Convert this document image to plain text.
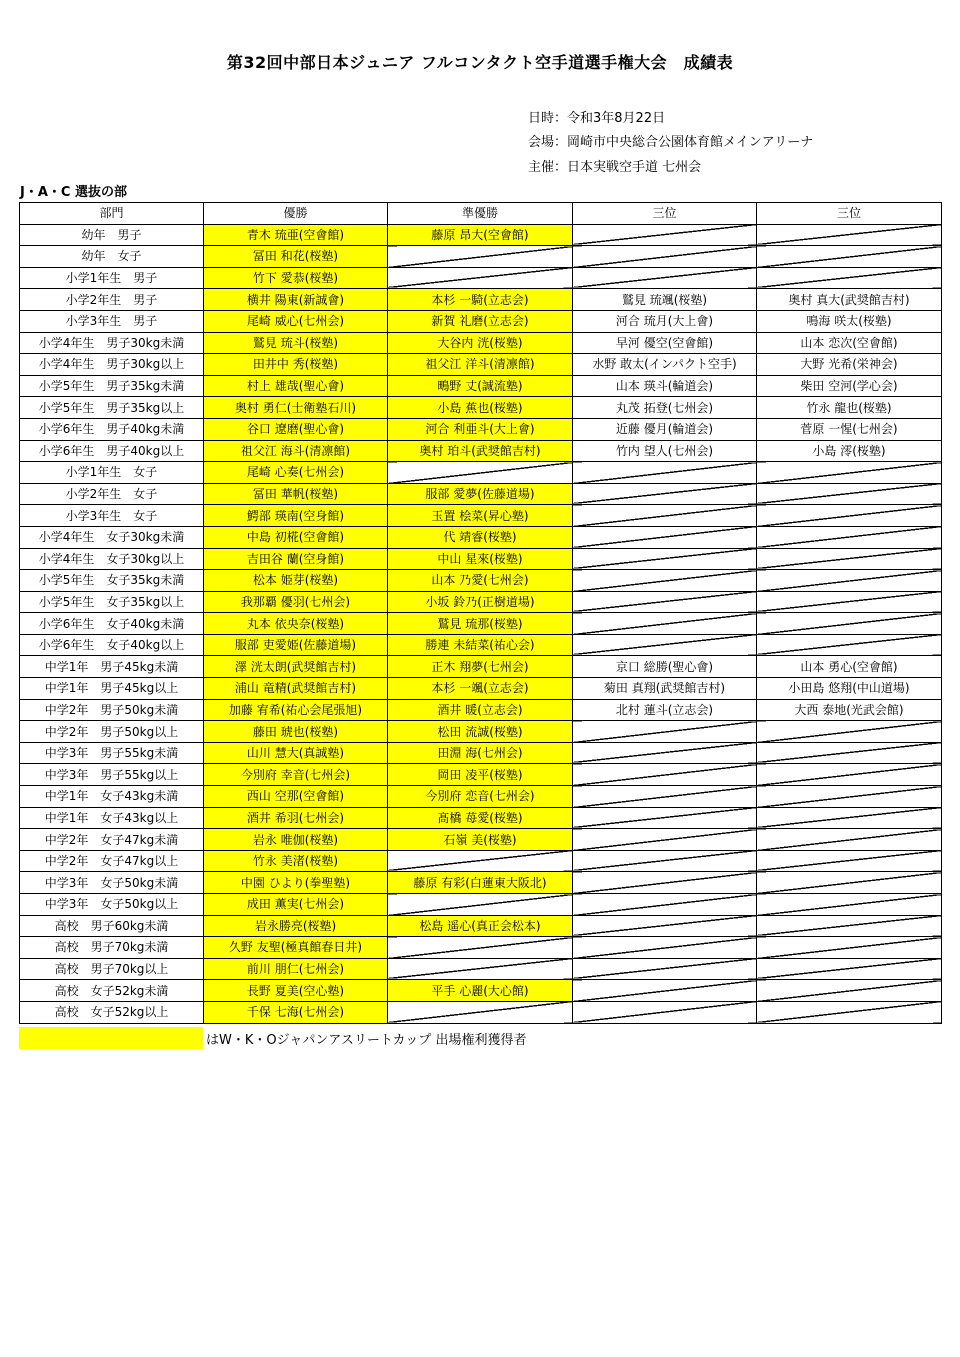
第32回中部日本ジュニア フルコンタクト空手道選手権大会　成績表
日時：令和3年8月22日
会場：岡崎市中央総合公園体育館メインアリーナ
主催：日本実戦空手道 七州会
J・A・C 選抜の部
部門	優勝	準優勝	三位	三位
幼年　男子	青木 琉亜(空會館)	藤原 昂大(空會館)		
幼年　女子	冨田 和花(桜塾)			
小学1年生　男子	竹下 愛恭(桜塾)			
小学2年生　男子	横井 陽東(新誠會)	本杉 一騎(立志会)	鷲見 琉颯(桜塾)	奥村 真大(武奨館吉村)
小学3年生　男子	尾崎 威心(七州会)	新賀 礼磨(立志会)	河合 琉月(大上會)	鳴海 咲太(桜塾)
小学4年生　男子30kg未満	鷲見 琉斗(桜塾)	大谷内 洸(桜塾)	早河 優空(空會館)	山本 恋次(空會館)
小学4年生　男子30kg以上	田井中 秀(桜塾)	祖父江 洋斗(清凛館)	水野 敢太(インパクト空手)	大野 光希(栄神会)
小学5年生　男子35kg未満	村上 雄哉(聖心會)	鴫野 丈(誠流塾)	山本 瑛斗(輪道会)	柴田 空河(学心会)
小学5年生　男子35kg以上	奥村 勇仁(士衛塾石川)	小島 蕉也(桜塾)	丸茂 拓登(七州会)	竹永 龍也(桜塾)
小学6年生　男子40kg未満	谷口 遼磨(聖心會)	河合 利亜斗(大上會)	近藤 優月(輪道会)	菅原 一惺(七州会)
小学6年生　男子40kg以上	祖父江 海斗(清凛館)	奥村 珀斗(武奨館吉村)	竹内 望人(七州会)	小島 澪(桜塾)
小学1年生　女子	尾崎 心奏(七州会)			
小学2年生　女子	冨田 華帆(桜塾)	服部 愛夢(佐藤道場)		
小学3年生　女子	鰐部 瑛南(空身館)	玉置 桧菜(昇心塾)		
小学4年生　女子30kg未満	中島 初椛(空會館)	代 靖睿(桜塾)		
小学4年生　女子30kg以上	吉田谷 蘭(空身館)	中山 星來(桜塾)		
小学5年生　女子35kg未満	松本 姫芽(桜塾)	山本 乃愛(七州会)		
小学5年生　女子35kg以上	我那覇 優羽(七州会)	小坂 鈴乃(正樹道場)		
小学6年生　女子40kg未満	丸本 依央奈(桜塾)	鷲見 琉那(桜塾)		
小学6年生　女子40kg以上	服部 吏愛姫(佐藤道場)	勝連 未結菜(祐心会)		
中学1年　男子45kg未満	澤 洸太朗(武奨館吉村)	正木 翔夢(七州会)	京口 総勝(聖心會)	山本 勇心(空會館)
中学1年　男子45kg以上	浦山 竜精(武奨館吉村)	本杉 一颯(立志会)	菊田 真翔(武奨館吉村)	小田島 悠翔(中山道場)
中学2年　男子50kg未満	加藤 宥希(祐心会尾張旭)	酒井 暖(立志会)	北村 蓮斗(立志会)	大西 泰地(光武会館)
中学2年　男子50kg以上	藤田 琥也(桜塾)	松田 流誠(桜塾)		
中学3年　男子55kg未満	山川 慧大(真誠塾)	田淵 海(七州会)		
中学3年　男子55kg以上	今別府 幸音(七州会)	岡田 凌平(桜塾)		
中学1年　女子43kg未満	西山 空那(空會館)	今別府 恋音(七州会)		
中学1年　女子43kg以上	酒井 希羽(七州会)	髙橋 苺愛(桜塾)		
中学2年　女子47kg未満	岩永 唯伽(桜塾)	石嶺 美(桜塾)		
中学2年　女子47kg以上	竹永 美渚(桜塾)			
中学3年　女子50kg未満	中園 ひより(拳聖塾)	藤原 有彩(白蓮東大阪北)		
中学3年　女子50kg以上	成田 薫実(七州会)			
高校　男子60kg未満	岩永勝亮(桜塾)	松島 遥心(真正会松本)		
高校　男子70kg未満	久野 友聖(極真館春日井)			
高校　男子70kg以上	前川 朋仁(七州会)			
高校　女子52kg未満	長野 夏美(空心塾)	平手 心麗(大心館)		
高校　女子52kg以上	千保 七海(七州会)			
はW・K・Oジャパンアスリートカップ 出場権利獲得者
